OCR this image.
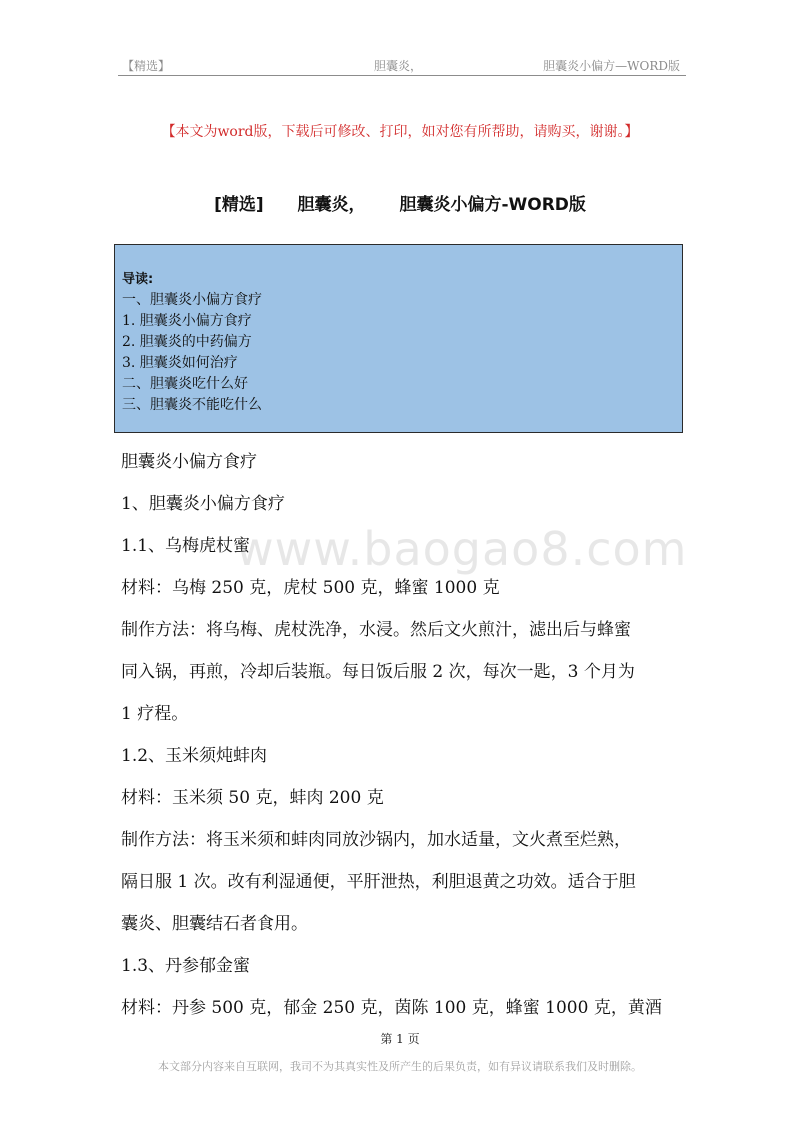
【精选】	胆囊炎，	胆囊炎小偏方—WORD版
【本文为word版，下载后可修改、打印，如对您有所帮助，请购买，谢谢。】
[精选] 胆囊炎， 胆囊炎小偏方-WORD版
导读:
一、胆囊炎小偏方食疗
1. 胆囊炎小偏方食疗
2. 胆囊炎的中药偏方
3. 胆囊炎如何治疗
二、胆囊炎吃什么好
三、胆囊炎不能吃什么

胆囊炎小偏方食疗

1、胆囊炎小偏方食疗

1.1、乌梅虎杖蜜

材料：乌梅 250 克，虎杖 500 克，蜂蜜 1000 克

制作方法：将乌梅、虎杖洗净，水浸。然后文火煎汁，滤出后与蜂蜜

同入锅，再煎，冷却后装瓶。每日饭后服 2 次，每次一匙，3 个月为

1 疗程。

1.2、玉米须炖蚌肉

材料：玉米须 50 克，蚌肉 200 克

制作方法：将玉米须和蚌肉同放沙锅内，加水适量，文火煮至烂熟，

隔日服 1 次。改有利湿通便，平肝泄热，利胆退黄之功效。适合于胆

囊炎、胆囊结石者食用。

1.3、丹参郁金蜜

材料：丹参 500 克，郁金 250 克，茵陈 100 克，蜂蜜 1000 克，黄酒

www.baogao8.com
第 1 页
本文部分内容来自互联网，我司不为其真实性及所产生的后果负责，如有异议请联系我们及时删除。
